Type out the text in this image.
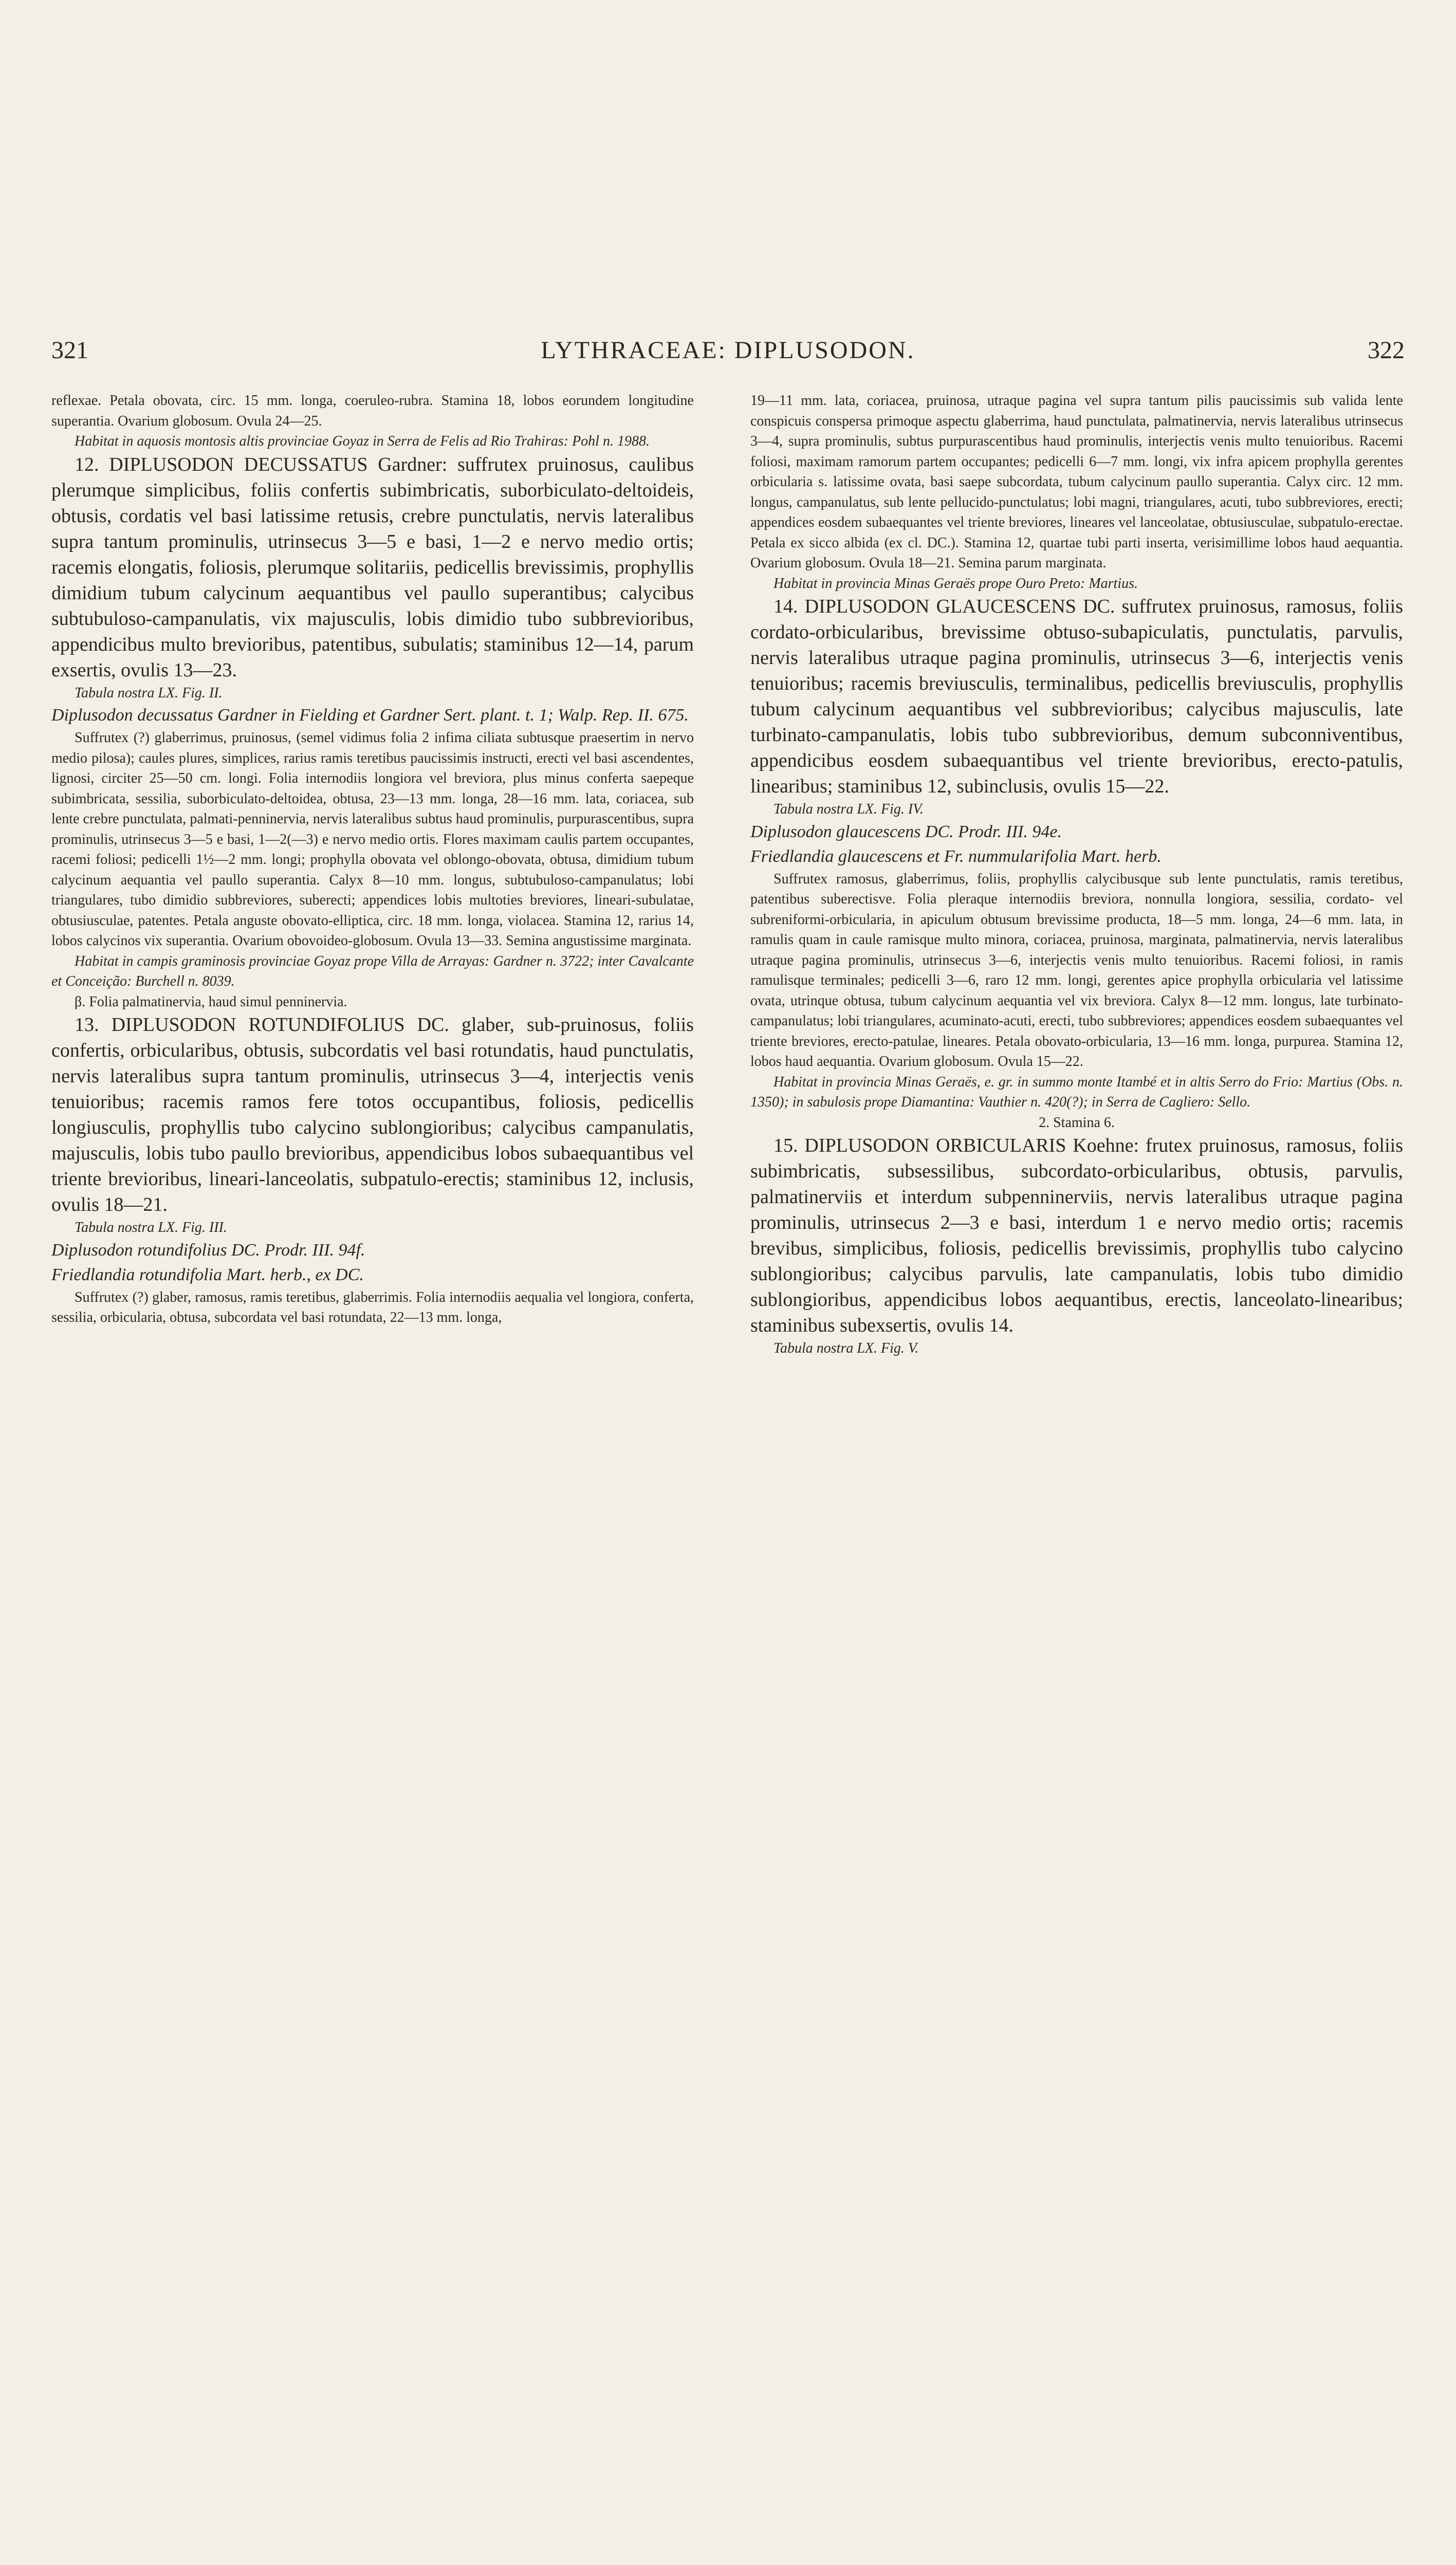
321	LYTHRACEAE: DIPLUSODON.	322

reflexae. Petala obovata, circ. 15 mm. longa, coeruleo-rubra. Stamina 18, lobos eorundem longitudine superantia. Ovarium globosum. Ovula 24—25.

Habitat in aquosis montosis altis provinciae Goyaz in Serra de Felis ad Rio Trahiras: Pohl n. 1988.

12. DIPLUSODON DECUSSATUS Gardner: suffrutex pruinosus, caulibus plerumque simplicibus, foliis confertis subimbricatis, suborbiculato-deltoideis, obtusis, cordatis vel basi latissime retusis, crebre punctulatis, nervis lateralibus supra tantum prominulis, utrinsecus 3—5 e basi, 1—2 e nervo medio ortis; racemis elongatis, foliosis, plerumque solitariis, pedicellis brevissimis, prophyllis dimidium tubum calycinum aequantibus vel paullo superantibus; calycibus subtubuloso-campanulatis, vix majusculis, lobis dimidio tubo subbrevioribus, appendicibus multo brevioribus, patentibus, subulatis; staminibus 12—14, parum exsertis, ovulis 13—23.

Tabula nostra LX. Fig. II.

Diplusodon decussatus Gardner in Fielding et Gardner Sert. plant. t. 1; Walp. Rep. II. 675.

Suffrutex (?) glaberrimus, pruinosus, (semel vidimus folia 2 infima ciliata subtusque praesertim in nervo medio pilosa); caules plures, simplices, rarius ramis teretibus paucissimis instructi, erecti vel basi ascendentes, lignosi, circiter 25—50 cm. longi. Folia internodiis longiora vel breviora, plus minus conferta saepeque subimbricata, sessilia, suborbiculato-deltoidea, obtusa, 23—13 mm. longa, 28—16 mm. lata, coriacea, sub lente crebre punctulata, palmati-penninervia, nervis lateralibus subtus haud prominulis, purpurascentibus, supra prominulis, utrinsecus 3—5 e basi, 1—2(—3) e nervo medio ortis. Flores maximam caulis partem occupantes, racemi foliosi; pedicelli 1½—2 mm. longi; prophylla obovata vel oblongo-obovata, obtusa, dimidium tubum calycinum aequantia vel paullo superantia. Calyx 8—10 mm. longus, subtubuloso-campanulatus; lobi triangulares, tubo dimidio subbreviores, suberecti; appendices lobis multoties breviores, lineari-subulatae, obtusiusculae, patentes. Petala anguste obovato-elliptica, circ. 18 mm. longa, violacea. Stamina 12, rarius 14, lobos calycinos vix superantia. Ovarium obovoideo-globosum. Ovula 13—33. Semina angustissime marginata.

Habitat in campis graminosis provinciae Goyaz prope Villa de Arrayas: Gardner n. 3722; inter Cavalcante et Conceição: Burchell n. 8039.

β. Folia palmatinervia, haud simul penninervia.

13. DIPLUSODON ROTUNDIFOLIUS DC. glaber, sub-pruinosus, foliis confertis, orbicularibus, obtusis, subcordatis vel basi rotundatis, haud punctulatis, nervis lateralibus supra tantum prominulis, utrinsecus 3—4, interjectis venis tenuioribus; racemis ramos fere totos occupantibus, foliosis, pedicellis longiusculis, prophyllis tubo calycino sublongioribus; calycibus campanulatis, majusculis, lobis tubo paullo brevioribus, appendicibus lobos subaequantibus vel triente brevioribus, lineari-lanceolatis, subpatulo-erectis; staminibus 12, inclusis, ovulis 18—21.

Tabula nostra LX. Fig. III.

Diplusodon rotundifolius DC. Prodr. III. 94f.

Friedlandia rotundifolia Mart. herb., ex DC.

Suffrutex (?) glaber, ramosus, ramis teretibus, glaberrimis. Folia internodiis aequalia vel longiora, conferta, sessilia, orbicularia, obtusa, subcordata vel basi rotundata, 22—13 mm. longa,

19—11 mm. lata, coriacea, pruinosa, utraque pagina vel supra tantum pilis paucissimis sub valida lente conspicuis conspersa primoque aspectu glaberrima, haud punctulata, palmatinervia, nervis lateralibus utrinsecus 3—4, supra prominulis, subtus purpurascentibus haud prominulis, interjectis venis multo tenuioribus. Racemi foliosi, maximam ramorum partem occupantes; pedicelli 6—7 mm. longi, vix infra apicem prophylla gerentes orbicularia s. latissime ovata, basi saepe subcordata, tubum calycinum paullo superantia. Calyx circ. 12 mm. longus, campanulatus, sub lente pellucido-punctulatus; lobi magni, triangulares, acuti, tubo subbreviores, erecti; appendices eosdem subaequantes vel triente breviores, lineares vel lanceolatae, obtusiusculae, subpatulo-erectae. Petala ex sicco albida (ex cl. DC.). Stamina 12, quartae tubi parti inserta, verisimillime lobos haud aequantia. Ovarium globosum. Ovula 18—21. Semina parum marginata.

Habitat in provincia Minas Geraës prope Ouro Preto: Martius.

14. DIPLUSODON GLAUCESCENS DC. suffrutex pruinosus, ramosus, foliis cordato-orbicularibus, brevissime obtuso-subapiculatis, punctulatis, parvulis, nervis lateralibus utraque pagina prominulis, utrinsecus 3—6, interjectis venis tenuioribus; racemis breviusculis, terminalibus, pedicellis breviusculis, prophyllis tubum calycinum aequantibus vel subbrevioribus; calycibus majusculis, late turbinato-campanulatis, lobis tubo subbrevioribus, demum subconniventibus, appendicibus eosdem subaequantibus vel triente brevioribus, erecto-patulis, linearibus; staminibus 12, subinclusis, ovulis 15—22.

Tabula nostra LX. Fig. IV.

Diplusodon glaucescens DC. Prodr. III. 94e.

Friedlandia glaucescens et Fr. nummularifolia Mart. herb.

Suffrutex ramosus, glaberrimus, foliis, prophyllis calycibusque sub lente punctulatis, ramis teretibus, patentibus suberectisve. Folia pleraque internodiis breviora, nonnulla longiora, sessilia, cordato- vel subreniformi-orbicularia, in apiculum obtusum brevissime producta, 18—5 mm. longa, 24—6 mm. lata, in ramulis quam in caule ramisque multo minora, coriacea, pruinosa, marginata, palmatinervia, nervis lateralibus utraque pagina prominulis, utrinsecus 3—6, interjectis venis multo tenuioribus. Racemi foliosi, in ramis ramulisque terminales; pedicelli 3—6, raro 12 mm. longi, gerentes apice prophylla orbicularia vel latissime ovata, utrinque obtusa, tubum calycinum aequantia vel vix breviora. Calyx 8—12 mm. longus, late turbinato-campanulatus; lobi triangulares, acuminato-acuti, erecti, tubo subbreviores; appendices eosdem subaequantes vel triente breviores, erecto-patulae, lineares. Petala obovato-orbicularia, 13—16 mm. longa, purpurea. Stamina 12, lobos haud aequantia. Ovarium globosum. Ovula 15—22.

Habitat in provincia Minas Geraës, e. gr. in summo monte Itambé et in altis Serro do Frio: Martius (Obs. n. 1350); in sabulosis prope Diamantina: Vauthier n. 420(?); in Serra de Cagliero: Sello.

2. Stamina 6.

15. DIPLUSODON ORBICULARIS Koehne: frutex pruinosus, ramosus, foliis subimbricatis, subsessilibus, subcordato-orbicularibus, obtusis, parvulis, palmatinerviis et interdum subpenninerviis, nervis lateralibus utraque pagina prominulis, utrinsecus 2—3 e basi, interdum 1 e nervo medio ortis; racemis brevibus, simplicibus, foliosis, pedicellis brevissimis, prophyllis tubo calycino sublongioribus; calycibus parvulis, late campanulatis, lobis tubo dimidio sublongioribus, appendicibus lobos aequantibus, erectis, lanceolato-linearibus; staminibus subexsertis, ovulis 14.

Tabula nostra LX. Fig. V.
